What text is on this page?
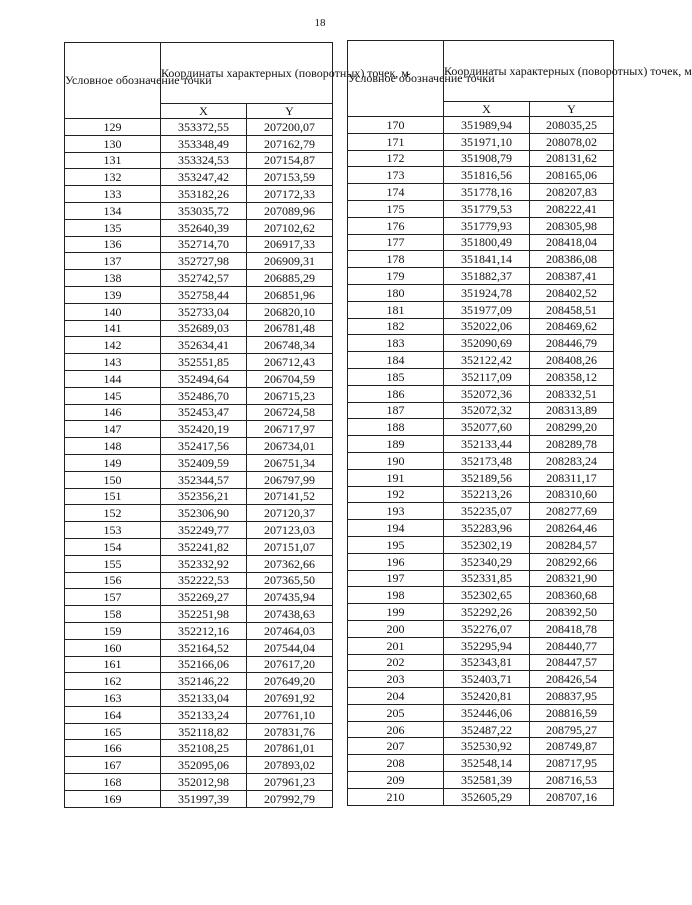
18
Условное обозначение точки	Координаты характерных (поворотных) точек, м	
	X	Y
129	353372,55	207200,07
130	353348,49	207162,79
131	353324,53	207154,87
132	353247,42	207153,59
133	353182,26	207172,33
134	353035,72	207089,96
135	352640,39	207102,62
136	352714,70	206917,33
137	352727,98	206909,31
138	352742,57	206885,29
139	352758,44	206851,96
140	352733,04	206820,10
141	352689,03	206781,48
142	352634,41	206748,34
143	352551,85	206712,43
144	352494,64	206704,59
145	352486,70	206715,23
146	352453,47	206724,58
147	352420,19	206717,97
148	352417,56	206734,01
149	352409,59	206751,34
150	352344,57	206797,99
151	352356,21	207141,52
152	352306,90	207120,37
153	352249,77	207123,03
154	352241,82	207151,07
155	352332,92	207362,66
156	352222,53	207365,50
157	352269,27	207435,94
158	352251,98	207438,63
159	352212,16	207464,03
160	352164,52	207544,04
161	352166,06	207617,20
162	352146,22	207649,20
163	352133,04	207691,92
164	352133,24	207761,10
165	352118,82	207831,76
166	352108,25	207861,01
167	352095,06	207893,02
168	352012,98	207961,23
169	351997,39	207992,79
Условное обозначение точки	Координаты характерных (поворотных) точек, м	
	X	Y
170	351989,94	208035,25
171	351971,10	208078,02
172	351908,79	208131,62
173	351816,56	208165,06
174	351778,16	208207,83
175	351779,53	208222,41
176	351779,93	208305,98
177	351800,49	208418,04
178	351841,14	208386,08
179	351882,37	208387,41
180	351924,78	208402,52
181	351977,09	208458,51
182	352022,06	208469,62
183	352090,69	208446,79
184	352122,42	208408,26
185	352117,09	208358,12
186	352072,36	208332,51
187	352072,32	208313,89
188	352077,60	208299,20
189	352133,44	208289,78
190	352173,48	208283,24
191	352189,56	208311,17
192	352213,26	208310,60
193	352235,07	208277,69
194	352283,96	208264,46
195	352302,19	208284,57
196	352340,29	208292,66
197	352331,85	208321,90
198	352302,65	208360,68
199	352292,26	208392,50
200	352276,07	208418,78
201	352295,94	208440,77
202	352343,81	208447,57
203	352403,71	208426,54
204	352420,81	208837,95
205	352446,06	208816,59
206	352487,22	208795,27
207	352530,92	208749,87
208	352548,14	208717,95
209	352581,39	208716,53
210	352605,29	208707,16
